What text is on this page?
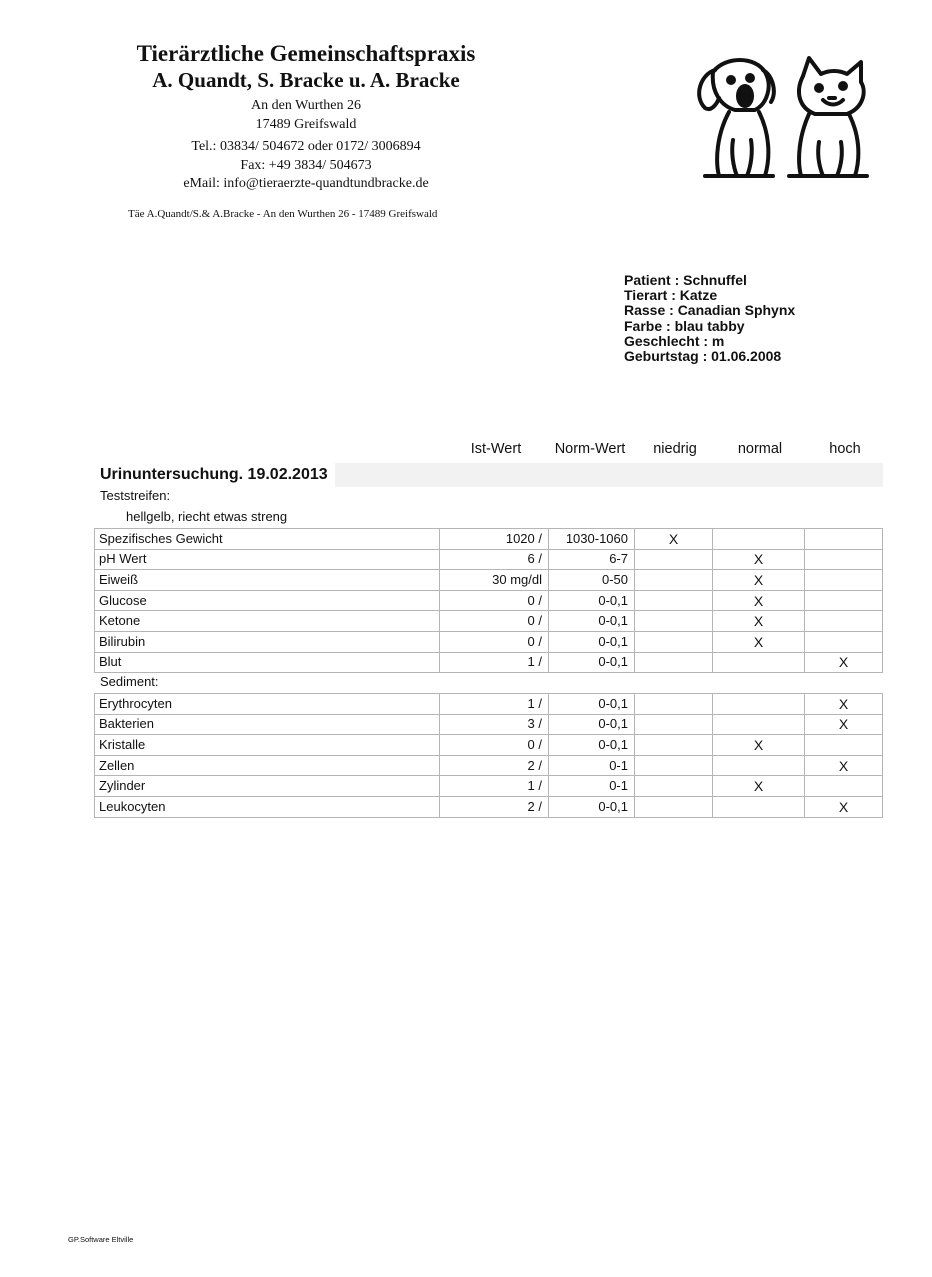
Tierärztliche Gemeinschaftspraxis
A. Quandt, S. Bracke u. A. Bracke
An den Wurthen 26
17489 Greifswald
Tel.: 03834/ 504672 oder 0172/ 3006894
Fax: +49 3834/ 504673
eMail: info@tieraerzte-quandtundbracke.de
Täe A.Quandt/S.& A.Bracke - An den Wurthen 26 - 17489 Greifswald
Patient : Schnuffel
Tierart : Katze
Rasse : Canadian Sphynx
Farbe : blau tabby
Geschlecht : m
Geburtstag : 01.06.2008
Ist-Wert	Norm-Wert	niedrig	normal	hoch
Urinuntersuchung. 19.02.2013
Teststreifen:
hellgelb, riecht etwas streng
Spezifisches Gewicht	1020 /	1030-1060	X		
pH Wert	6 /	6-7		X	
Eiweiß	30 mg/dl	0-50		X	
Glucose	0 /	0-0,1		X	
Ketone	0 /	0-0,1		X	
Bilirubin	0 /	0-0,1		X	
Blut	1 /	0-0,1			X
Sediment:
Erythrocyten	1 /	0-0,1			X
Bakterien	3 /	0-0,1			X
Kristalle	0 /	0-0,1		X	
Zellen	2 /	0-1			X
Zylinder	1 /	0-1		X	
Leukocyten	2 /	0-0,1			X
GP.Software Eltville
